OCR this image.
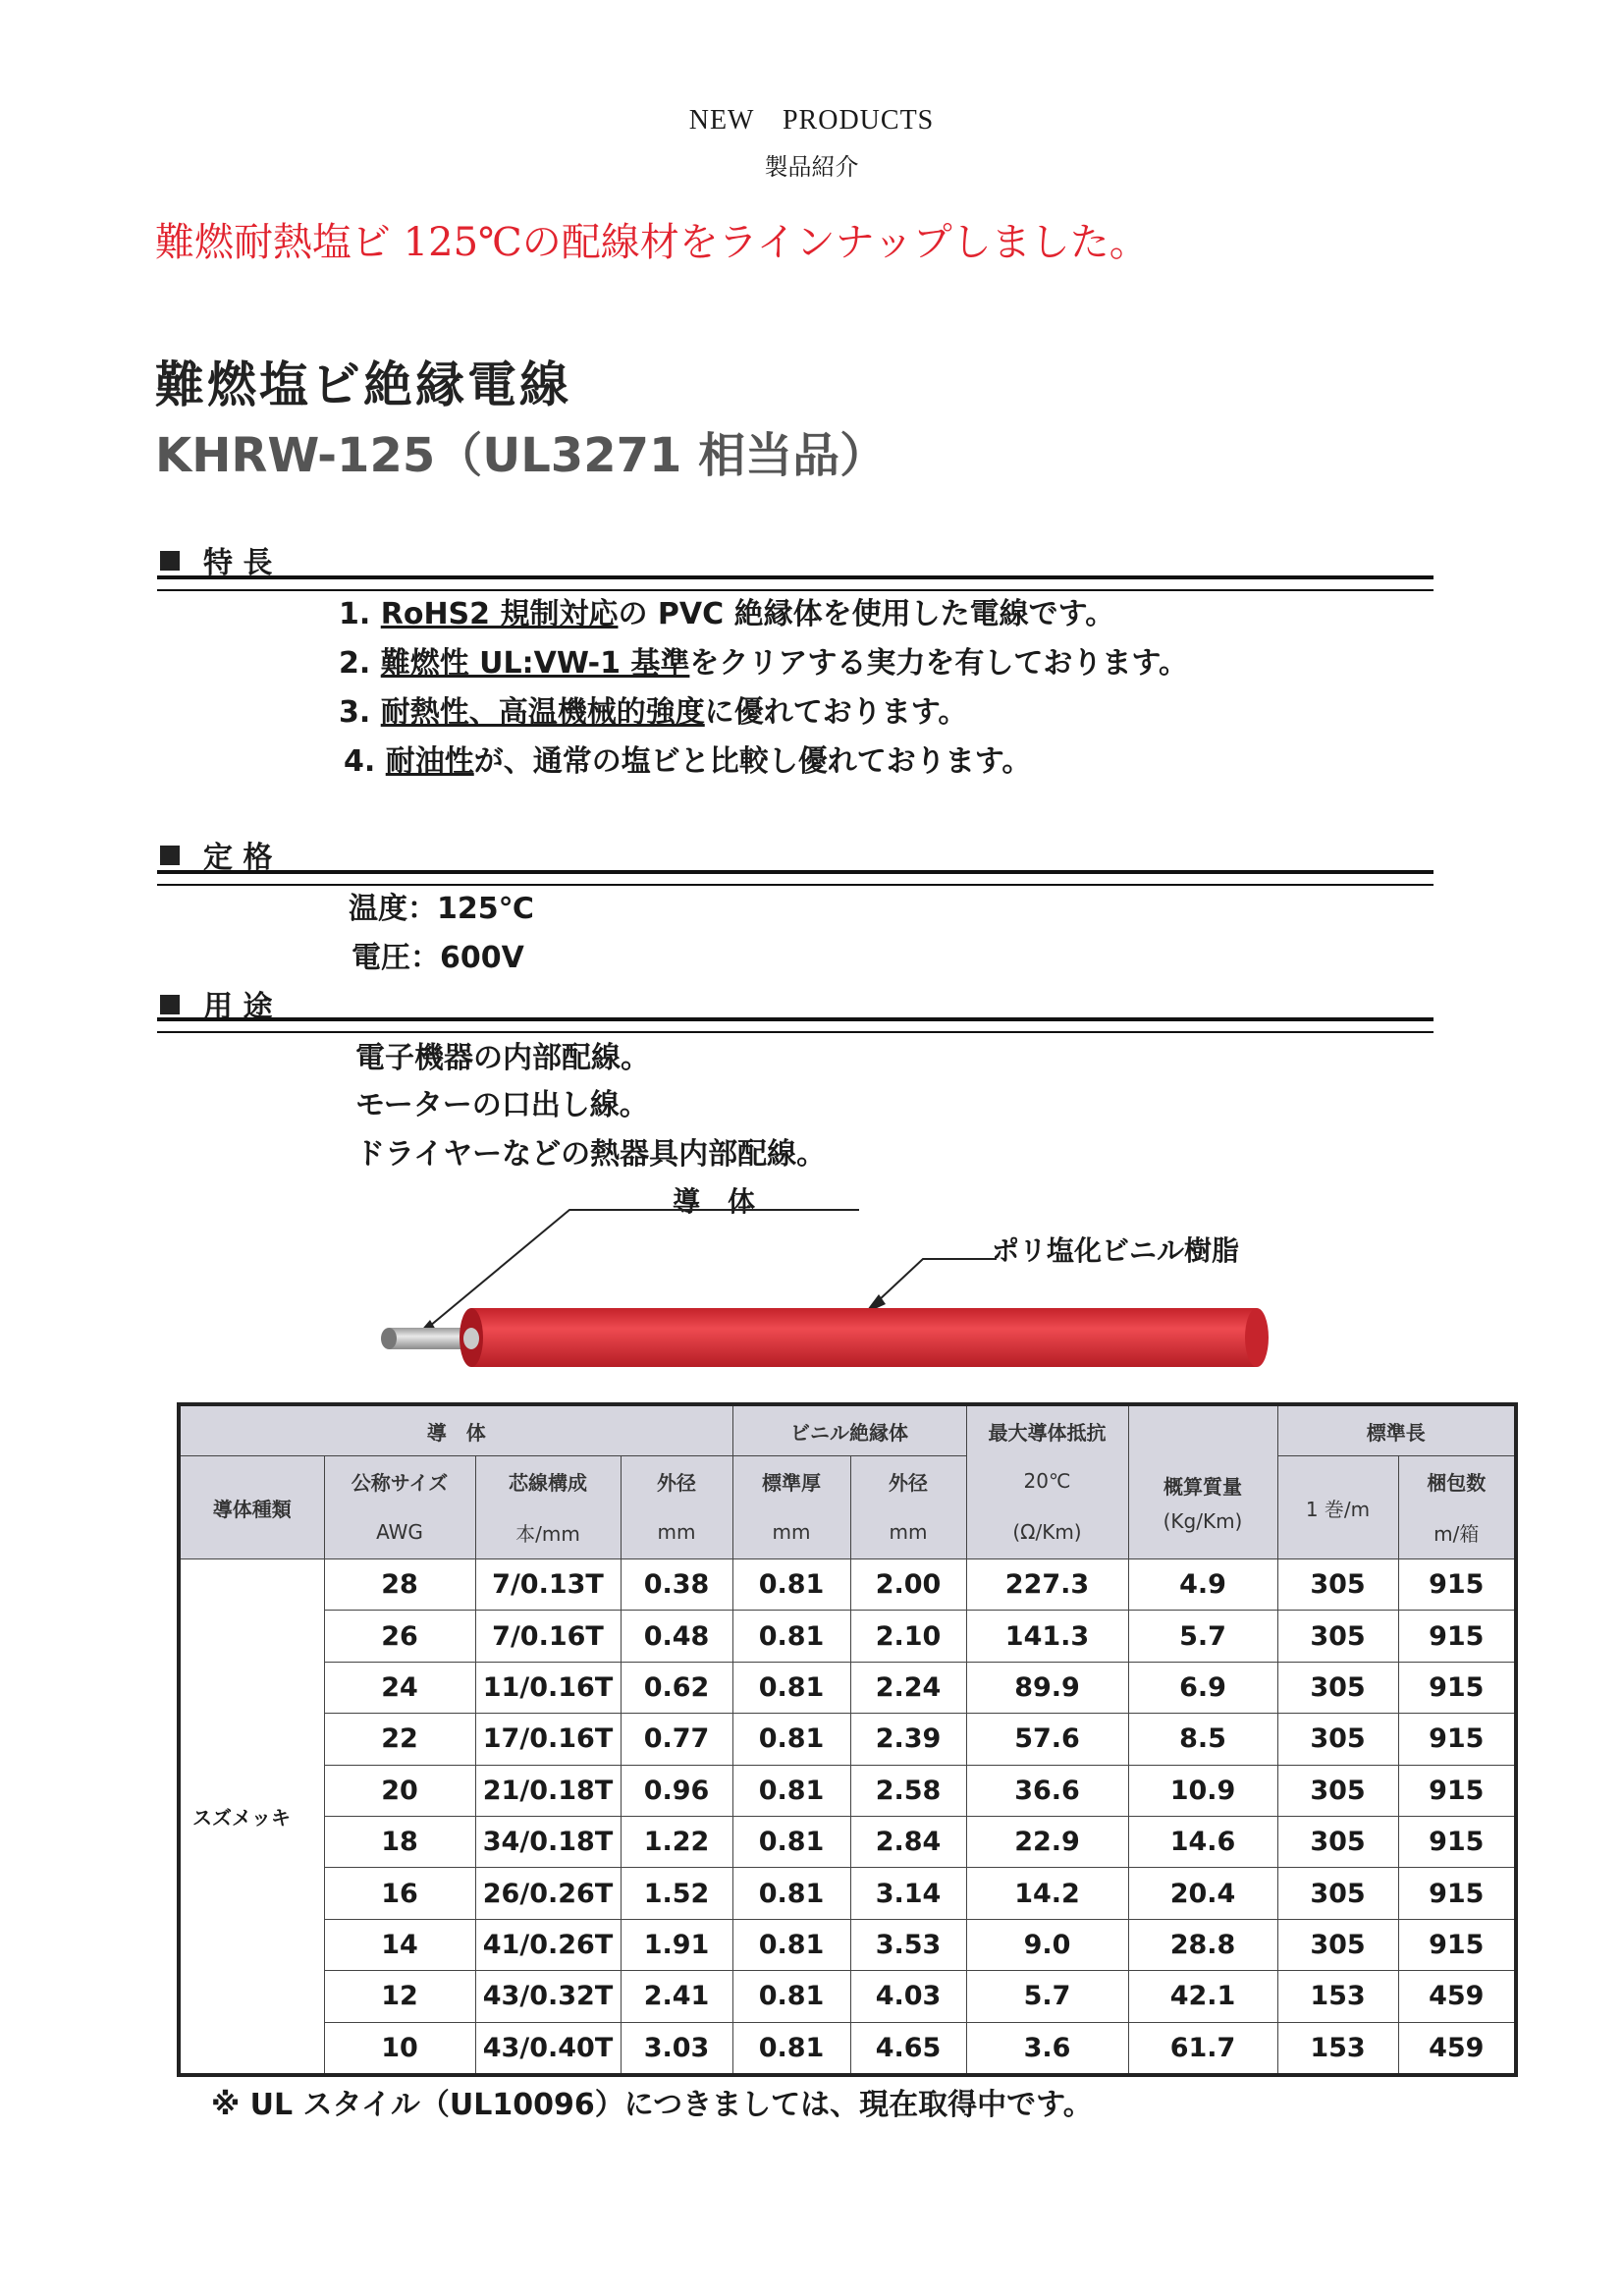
NEW　PRODUCTS
製品紹介
難燃耐熱塩ビ 125℃の配線材をラインナップしました。
難燃塩ビ絶縁電線
KHRW-125（UL3271 相当品）
特 長
1. RoHS2 規制対応の PVC 絶縁体を使用した電線です。
2. 難燃性 UL:VW-1 基準をクリアする実力を有しております。
3. 耐熱性、高温機械的強度に優れております。
4. 耐油性が、通常の塩ビと比較し優れております。
定 格
温度：125℃
電圧：600V
用 途
電子機器の内部配線。
モーターの口出し線。
ドライヤーなどの熱器具内部配線。
導　体
ポリ塩化ビニル樹脂
導　体				ビニル絶縁体		最大導体抵抗	概算質量	標準長	
導体種類	公称サイズ	芯線構成	外径	標準厚	外径	20℃		1 巻/m	梱包数
	AWG	本/mm	mm	mm	mm	(Ω/Km)	(Kg/Km)		m/箱
スズメッキ	28	7/0.13T	0.38	0.81	2.00	227.3	4.9	305	915
	26	7/0.16T	0.48	0.81	2.10	141.3	5.7	305	915
	24	11/0.16T	0.62	0.81	2.24	89.9	6.9	305	915
	22	17/0.16T	0.77	0.81	2.39	57.6	8.5	305	915
	20	21/0.18T	0.96	0.81	2.58	36.6	10.9	305	915
	18	34/0.18T	1.22	0.81	2.84	22.9	14.6	305	915
	16	26/0.26T	1.52	0.81	3.14	14.2	20.4	305	915
	14	41/0.26T	1.91	0.81	3.53	9.0	28.8	305	915
	12	43/0.32T	2.41	0.81	4.03	5.7	42.1	153	459
	10	43/0.40T	3.03	0.81	4.65	3.6	61.7	153	459
※ UL スタイル（UL10096）につきましては、現在取得中です。
